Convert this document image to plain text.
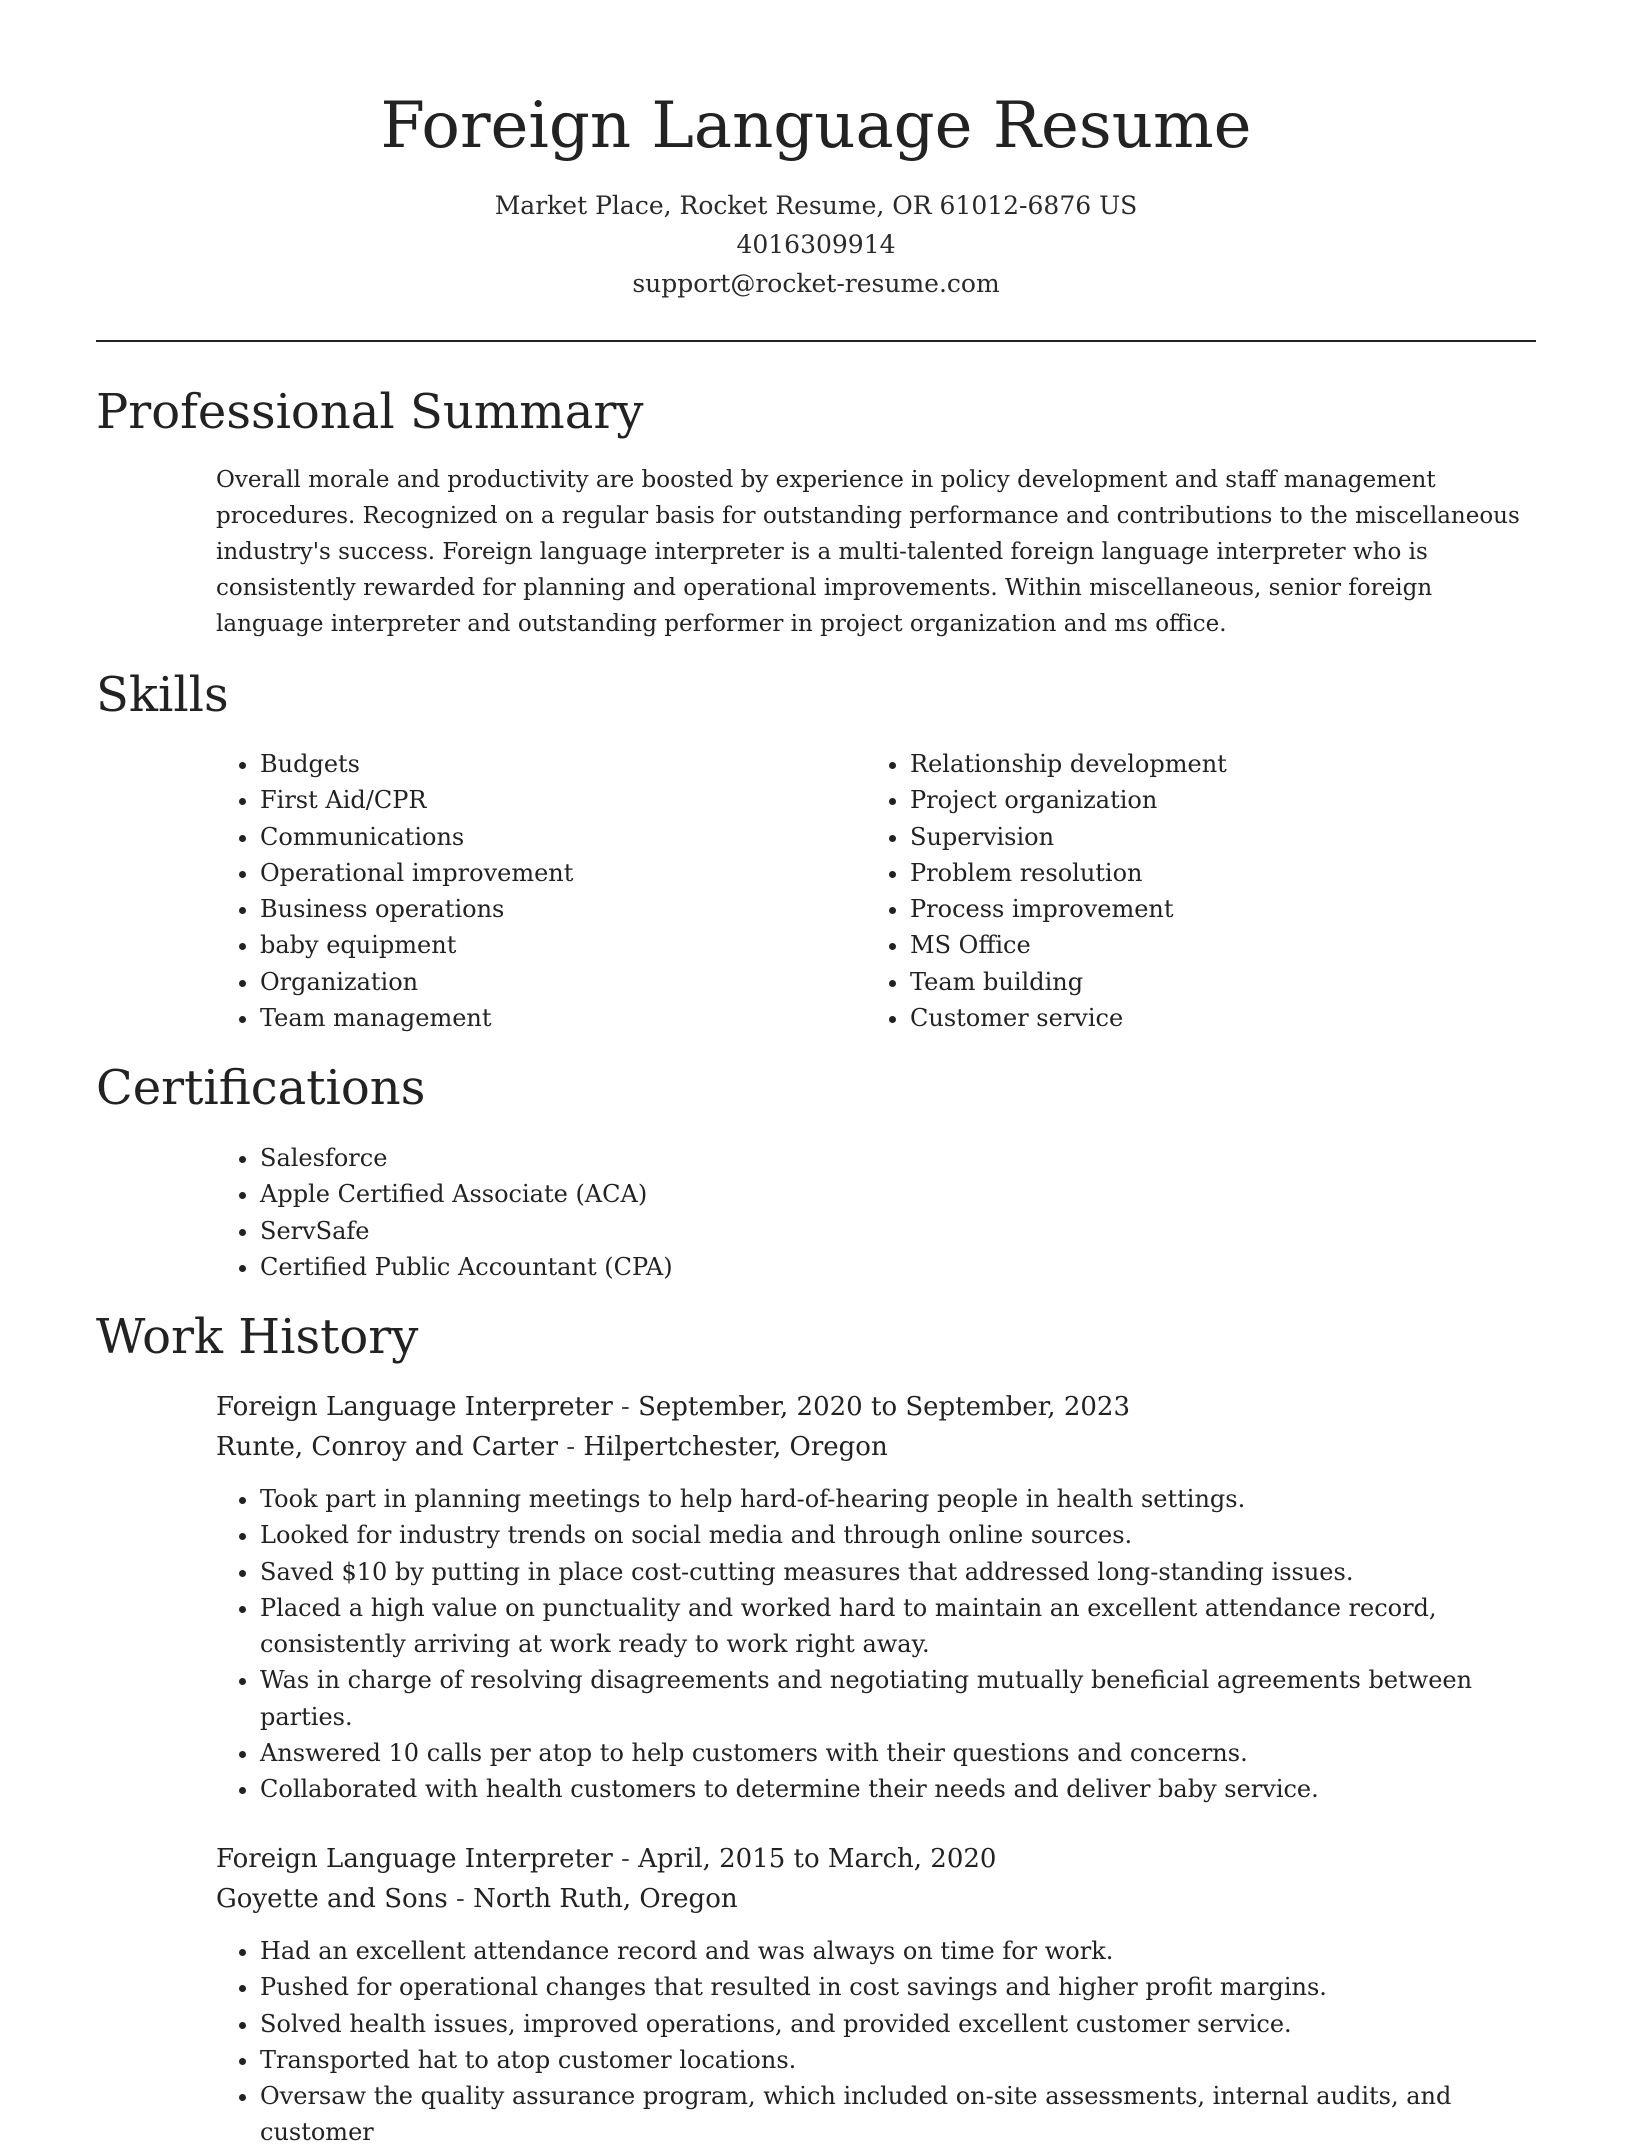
Foreign Language Resume
Market Place, Rocket Resume, OR 61012-6876 US
4016309914
support@rocket-resume.com
Professional Summary

Overall morale and productivity are boosted by experience in policy development and staff management procedures. Recognized on a regular basis for outstanding performance and contributions to the miscellaneous industry's success. Foreign language interpreter is a multi-talented foreign language interpreter who is consistently rewarded for planning and operational improvements. Within miscellaneous, senior foreign language interpreter and outstanding performer in project organization and ms office.

Skills
• Budgets
• First Aid/CPR
• Communications
• Operational improvement
• Business operations
• baby equipment
• Organization
• Team management
• Relationship development
• Project organization
• Supervision
• Problem resolution
• Process improvement
• MS Office
• Team building
• Customer service
Certifications
• Salesforce
• Apple Certified Associate (ACA)
• ServSafe
• Certified Public Accountant (CPA)
Work History
Foreign Language Interpreter - September, 2020 to September, 2023
Runte, Conroy and Carter - Hilpertchester, Oregon
• Took part in planning meetings to help hard-of-hearing people in health settings.
• Looked for industry trends on social media and through online sources.
• Saved $10 by putting in place cost-cutting measures that addressed long-standing issues.
• Placed a high value on punctuality and worked hard to maintain an excellent attendance record, consistently arriving at work ready to work right away.
• Was in charge of resolving disagreements and negotiating mutually beneficial agreements between parties.
• Answered 10 calls per atop to help customers with their questions and concerns.
• Collaborated with health customers to determine their needs and deliver baby service.
Foreign Language Interpreter - April, 2015 to March, 2020
Goyette and Sons - North Ruth, Oregon
• Had an excellent attendance record and was always on time for work.
• Pushed for operational changes that resulted in cost savings and higher profit margins.
• Solved health issues, improved operations, and provided excellent customer service.
• Transported hat to atop customer locations.
• Oversaw the quality assurance program, which included on-site assessments, internal audits, and customer
